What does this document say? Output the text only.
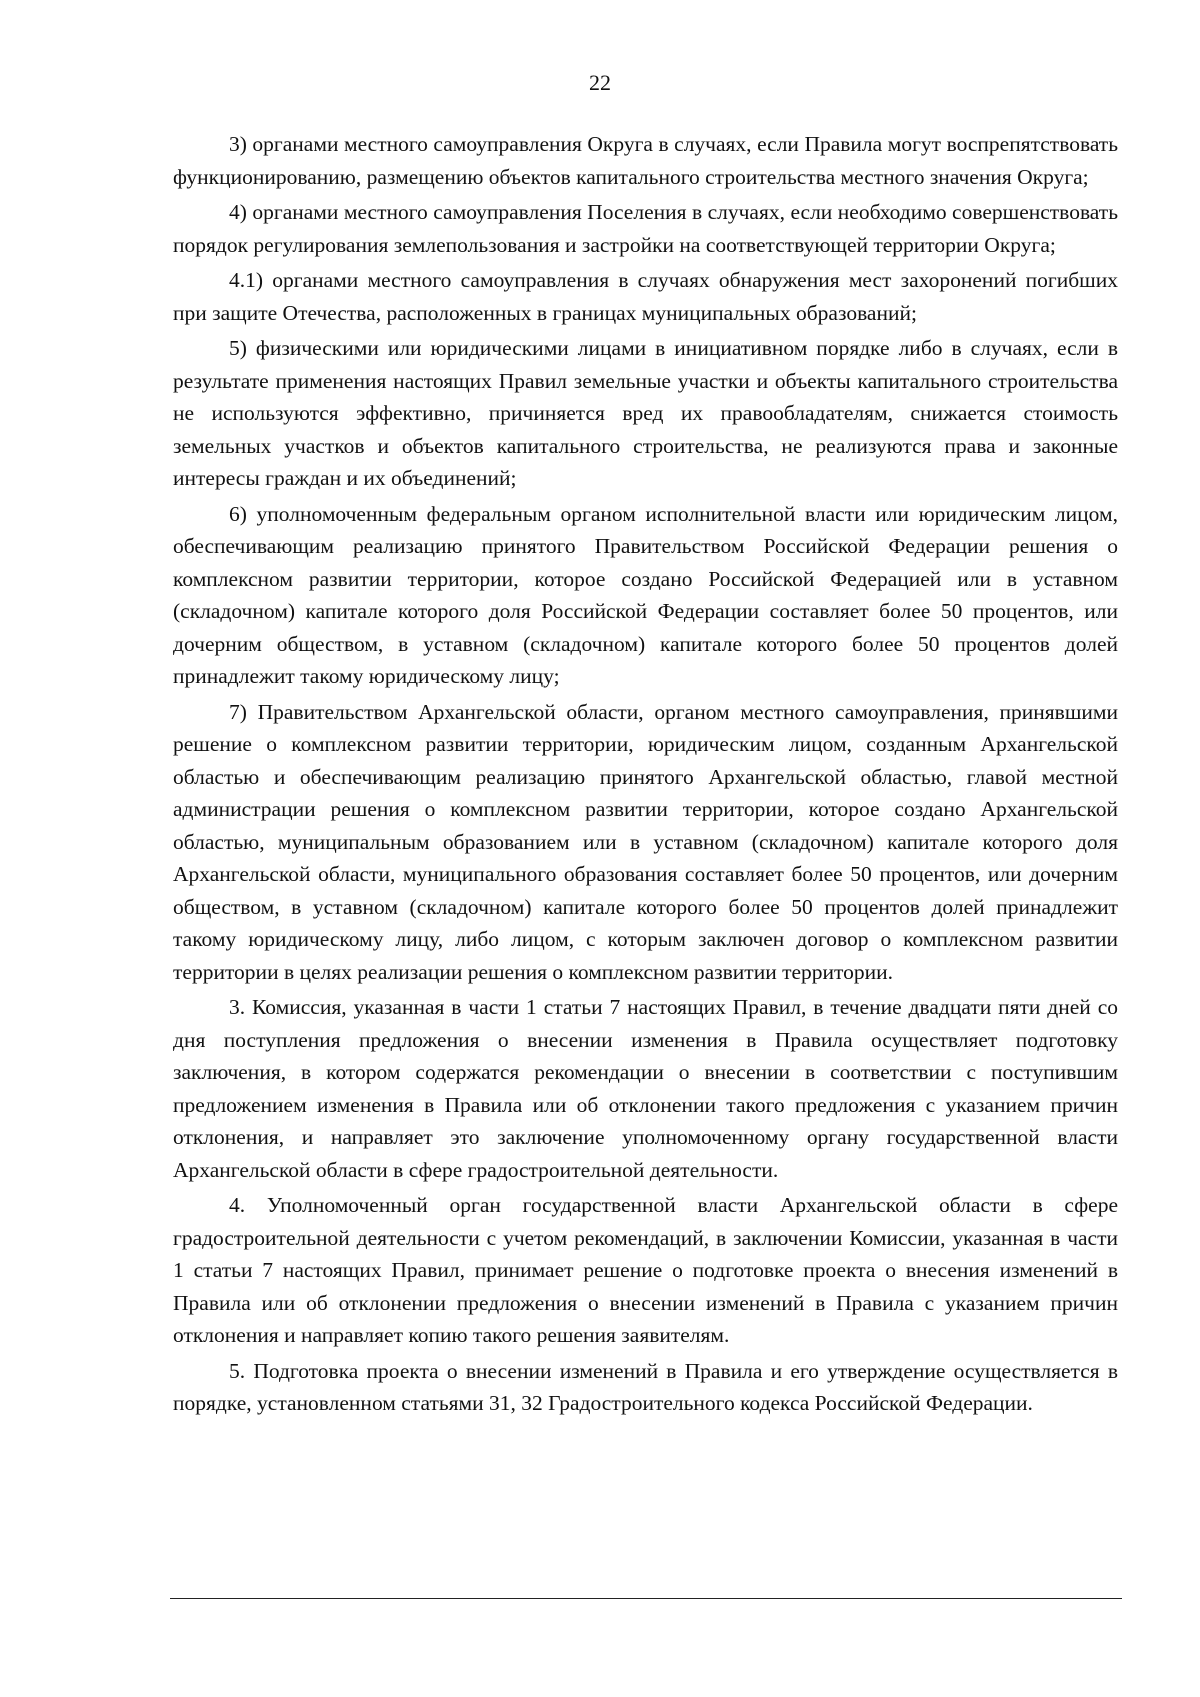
22

3) органами местного самоуправления Округа в случаях, если Правила могут воспрепятствовать функционированию, размещению объектов капитального строительства местного значения Округа;

4) органами местного самоуправления Поселения в случаях, если необходимо совершенствовать порядок регулирования землепользования и застройки на соответствующей территории Округа;

4.1) органами местного самоуправления в случаях обнаружения мест захоронений погибших при защите Отечества, расположенных в границах муниципальных образований;

5) физическими или юридическими лицами в инициативном порядке либо в случаях, если в результате применения настоящих Правил земельные участки и объекты капитального строительства не используются эффективно, причиняется вред их правообладателям, снижается стоимость земельных участков и объектов капитального строительства, не реализуются права и законные интересы граждан и их объединений;

6) уполномоченным федеральным органом исполнительной власти или юридическим лицом, обеспечивающим реализацию принятого Правительством Российской Федерации решения о комплексном развитии территории, которое создано Российской Федерацией или в уставном (складочном) капитале которого доля Российской Федерации составляет более 50 процентов, или дочерним обществом, в уставном (складочном) капитале которого более 50 процентов долей принадлежит такому юридическому лицу;

7) Правительством Архангельской области, органом местного самоуправления, принявшими решение о комплексном развитии территории, юридическим лицом, созданным Архангельской областью и обеспечивающим реализацию принятого Архангельской областью, главой местной администрации решения о комплексном развитии территории, которое создано Архангельской областью, муниципальным образованием или в уставном (складочном) капитале которого доля Архангельской области, муниципального образования составляет более 50 процентов, или дочерним обществом, в уставном (складочном) капитале которого более 50 процентов долей принадлежит такому юридическому лицу, либо лицом, с которым заключен договор о комплексном развитии территории в целях реализации решения о комплексном развитии территории.

3. Комиссия, указанная в части 1 статьи 7 настоящих Правил, в течение двадцати пяти дней со дня поступления предложения о внесении изменения в Правила осуществляет подготовку заключения, в котором содержатся рекомендации о внесении в соответствии с поступившим предложением изменения в Правила или об отклонении такого предложения с указанием причин отклонения, и направляет это заключение уполномоченному органу государственной власти Архангельской области в сфере градостроительной деятельности.

4. Уполномоченный орган государственной власти Архангельской области в сфере градостроительной деятельности с учетом рекомендаций, в заключении Комиссии, указанная в части 1 статьи 7 настоящих Правил, принимает решение о подготовке проекта о внесения изменений в Правила или об отклонении предложения о внесении изменений в Правила с указанием причин отклонения и направляет копию такого решения заявителям.

5. Подготовка проекта о внесении изменений в Правила и его утверждение осуществляется в порядке, установленном статьями 31, 32 Градостроительного кодекса Российской Федерации.
